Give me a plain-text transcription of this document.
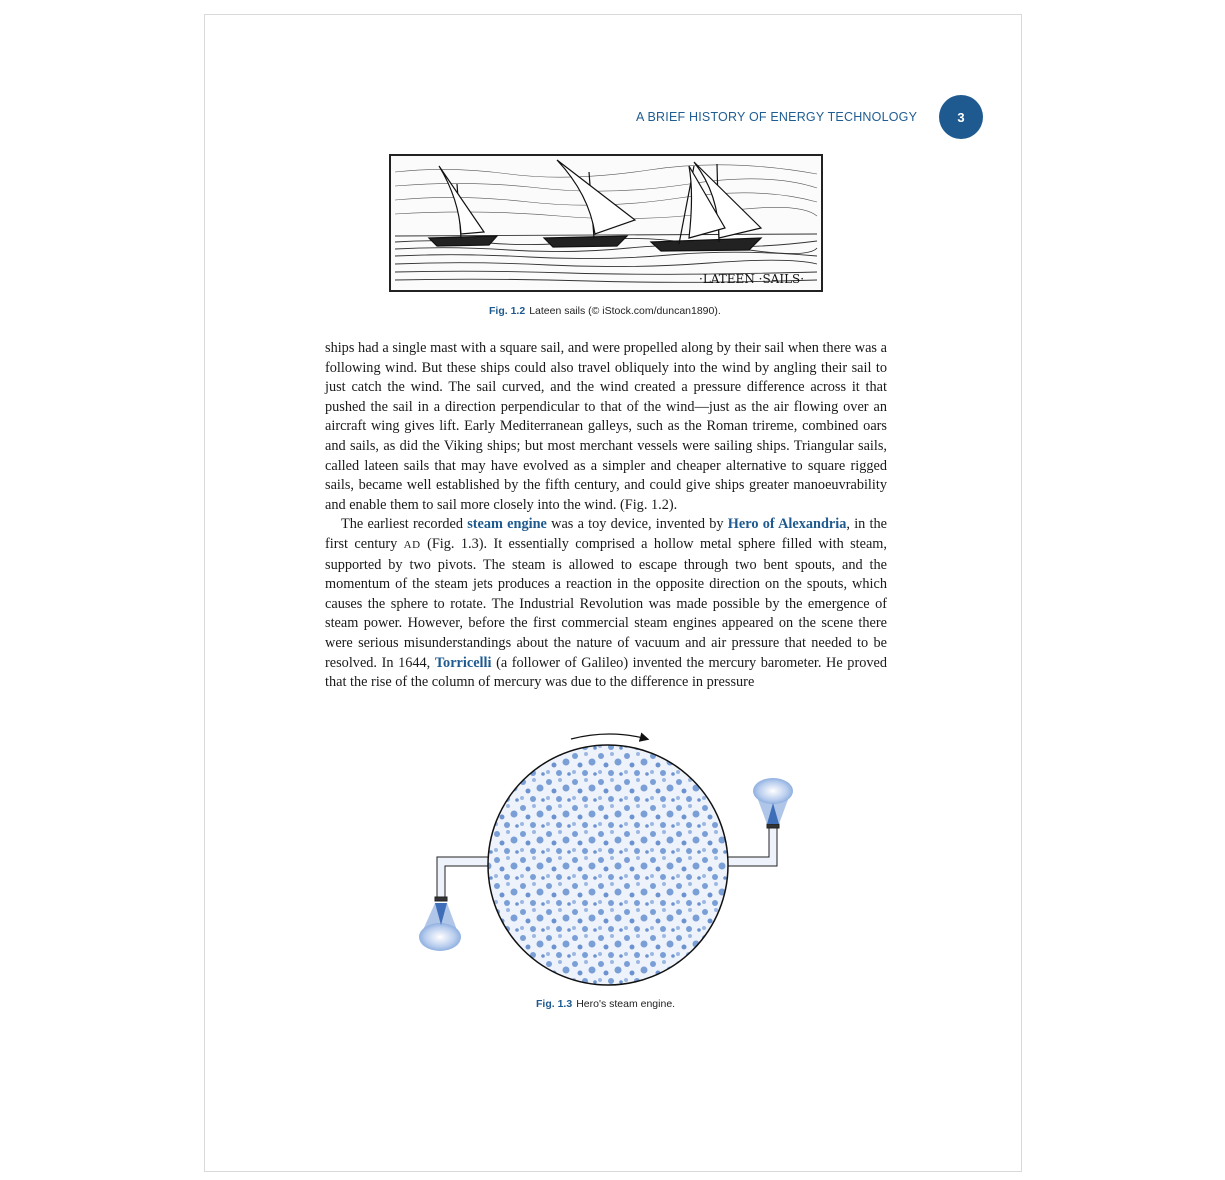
A BRIEF HISTORY OF ENERGY TECHNOLOGY	3
·LATEEN ·SAILS·
Fig. 1.2 Lateen sails (© iStock.com/duncan1890).

ships had a single mast with a square sail, and were propelled along by their sail when there was a following wind. But these ships could also travel obliquely into the wind by angling their sail to just catch the wind. The sail curved, and the wind created a pressure difference across it that pushed the sail in a direction perpendicular to that of the wind—just as the air flowing over an aircraft wing gives lift. Early Mediterranean galleys, such as the Roman trireme, combined oars and sails, as did the Viking ships; but most merchant vessels were sailing ships. Triangular sails, called lateen sails that may have evolved as a simpler and cheaper alternative to square rigged sails, became well established by the fifth century, and could give ships greater manoeuvrability and enable them to sail more closely into the wind. (Fig. 1.2).

The earliest recorded steam engine was a toy device, invented by Hero of Alexandria, in the first century AD (Fig. 1.3). It essentially comprised a hollow metal sphere filled with steam, supported by two pivots. The steam is allowed to escape through two bent spouts, and the momentum of the steam jets produces a reaction in the opposite direction on the spouts, which causes the sphere to rotate. The Industrial Revolution was made possible by the emergence of steam power. However, before the first commercial steam engines appeared on the scene there were serious misunderstandings about the nature of vacuum and air pressure that needed to be resolved. In 1644, Torricelli (a follower of Galileo) invented the mercury barometer. He proved that the rise of the column of mercury was due to the difference in pressure

Fig. 1.3 Hero's steam engine.
